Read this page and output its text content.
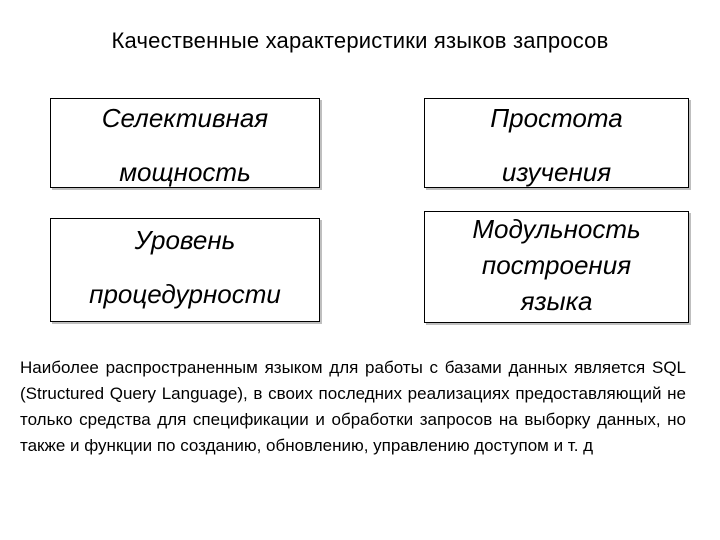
Качественные характеристики языков запросов
Селективная
мощность
Простота
изучения
Уровень
процедурности
Модульность
построения
языка
Наиболее распространенным языком для работы с базами данных является SQL (Structured Query Language), в своих последних реализациях предоставляющий не только средства для спецификации и обработки запросов на выборку данных, но также и функции по созданию, обновлению, управлению доступом и т. д
